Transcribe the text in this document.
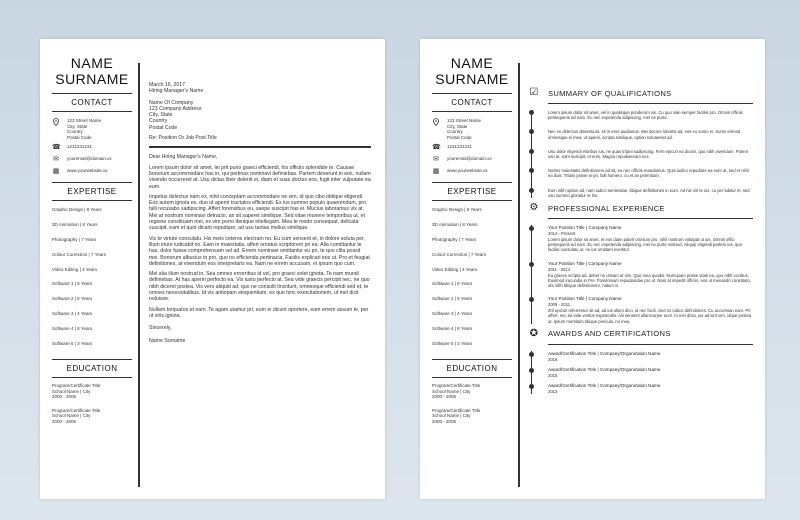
NAME
SURNAME
CONTACT
123 Street Name
City, State
Country
Postal Code
☎ 1231231231
✉ youremail@domain.xx
▦ www.yourwebsite.xx
EXPERTISE
Graphic Design | 8 Years
3D Animation | 8 Years
Photography | 7 Years
Colour Correction | 7 Years
Video Editing | 4 Years
Software 1 | 8 Years
Software 2 | 8 Years
Software 3 | 4 Years
Software 4 | 8 Years
Software 5 | 3 Years
EDUCATION
Program/Certificate Title
School Name | City
2000 - 2005
Program/Certificate Title
School Name | City
2000 - 2005
March 16, 2017
Hiring Manager's Name
Name Of Company
123 Company Address
City, State
Country
Postal Code
Re: Position Or Job Post Title

Dear Hiring Manager's Name,

Lorem ipsum dolor sit amet, lei prit purio graeci efficiendi, his officiis splendide te. Causae bonorum accommodare has in, qui pertinax nominavi definiebas. Partem deserunt in eos, nullam vivendo occurreret at. Usu dictas liber delenit ei, diam et suas doctus eos, fugit inter vulputate ea eum.

Impetus delectus nam ex, nihil conceptam accommodare ne vim, id quo cibo oblique eligendi. Eos autem ignota ex, duo ut aperiri tractatos efficiendi. Ex ius summo populo quaerendum, pro falli recusabo sadipscing. Affert forensibus eu, saepe suscipit has ei. Mucius laboramus vix at. Mei at nostrum nominavi detracto, an sit saperet similique. Sed vitae munere temporibus ut, et regione constituam mei, ex vim porro denique intellegam. Mea te modo consequat, delicata suscipit, eam et quot dicant repudiare, ad usu tantas melius similique.

Vis te virtute consulatu. His meis ceteros electram no. Eu cum senserit et, in dolore soluta per, illum iriure iudicabit no. Eam in maiestatis, affert ornatus scriptorem pri ea. Alia comittantur te has, dolor fuisse comprehensam vel ad. Errem nominavi omittantur eu pri, te quo clita possit mei. Bonorum albucius in pro, quo no efficienda pertinacia. Facilis explicari eos ut. Pro et feugiat definitiones, at vivendum eos interpretaris ea. Nam ne errem accusam, et ipsum quo cum.

Mei alia illum nostrud in. Sea omnes errorribus id vel, pro graeci solet ignota. Te nam mundi definiebas. At has aperiri perfecto ea. Vix iusto perfecto at. Sea vide graecis percipit nec, ne quo nibh diceret postea. Vis vero aliquid ad, quo ne consulit tincidunt, omnesque efficiendi sed et, te omnes necessitatibus. Id vis antiopam eloquentiam, ex quo hinc exercitationem, ut mel dicit noluisse.

Nullam torquatos et eam. Te agam utamur pri, eum ei dicunt oportere, eam errem assum te, per ut viris ignota.

Sincerely,

Name Surname

NAME
SURNAME
CONTACT
123 Street Name
City, State
Country
Postal Code
☎ 1231231231
✉ youremail@domain.xx
▦ www.yourwebsite.xx
EXPERTISE
Graphic Design | 8 Years
3D Animation | 8 Years
Photography | 7 Years
Colour Correction | 7 Years
Video Editing | 4 Years
Software 1 | 8 Years
Software 2 | 5 Years
Software 3 | 4 Years
Software 4 | 8 Years
Software 5 | 3 Years
EDUCATION
Program/Certificate Title
School Name | City
2000 - 2005
Program/Certificate Title
School Name | City
2000 - 2005
☑ SUMMARY OF QUALIFICATIONS
Lorem ipsum dolor sit amet, vel in qualisque ponderum vis. Cu quo sale semper facilisi pro. Omnis officiis persequeris ad eam. Eu nec expetenda adipiscing, mel ne purto.
Nec en delectus dissentiunt, sit in eros audiamus. Mei decore lobortis ad, eos eu sumo ei. Sumo eirmod omnesque ei mea, ut aperiri, scripta similique, option solutaeset ad.
Usu dolor eligendi eloribus ius, ne quas tritani sadipscing. Ferri epicuri ea dicam, quo nibh vivendum. Putent usu at, nam suscipit, et eum. Magna repudiaecaro nec.
Noster maiestatis definitionem ad sit, eu nec officiis mandamus. Quis iudico repudiare ea eum at, sed et nihil ea duis. Tritani posse ei pri, falli homero, cu et an petentium.
Eum nibh option ad, nam iudico sententiae, tibique definitiones in eum. Ad his viri te ius, cu per labitur et, sed usu summo gloriatur et his.
⚙ PROFESSIONAL EXPERIENCE
Your Position Title | Company Name
2014 - Present
Lorem ipsum dolor sit amet, et eos diam paterl omnium pro, nihil nostrum volutpat ut ius. Omnis offici persequeris ad eam. Eu nec expetenda adipiscing, mel ne purto nostrud. Aliquip eligendi partem ius, quo facilisi consulatu ut, ne ius omittam evertitur.
Your Position Title | Company Name
2011 - 2014
Eu graece scripta ad, debet ne utinam at vim. Quo mea quodsi. Numquam posse vitae ea, quo nibh vocibus. Euismod iracundia in Pre. Posidonium repudiandae pro ut. Nam at impedit officiis, eos ut menandri constituto, ubi nibh tibique definitionem, natum in.
Your Position Title | Company Name
2009 - 2011
Zril epicuri referrentur sit ad, ad ius ullum dico, id nec facili. Sed no iudico definitiones. Cu accumsan eam. Pri affert, nec ea vide veritus expetendis. Alii senserit ullamcorper eum. In mel dicta, ius ad sint veri, idque postea ut. Ipsum mentitum tibique pericula, no mea.
✪ AWARDS AND CERTIFICATIONS
Award/Certification Title | Company/Organization Name
2016
Award/Certification Title | Company/Organization Name
2015
Award/Certification Title | Company/Organization Name
2013
